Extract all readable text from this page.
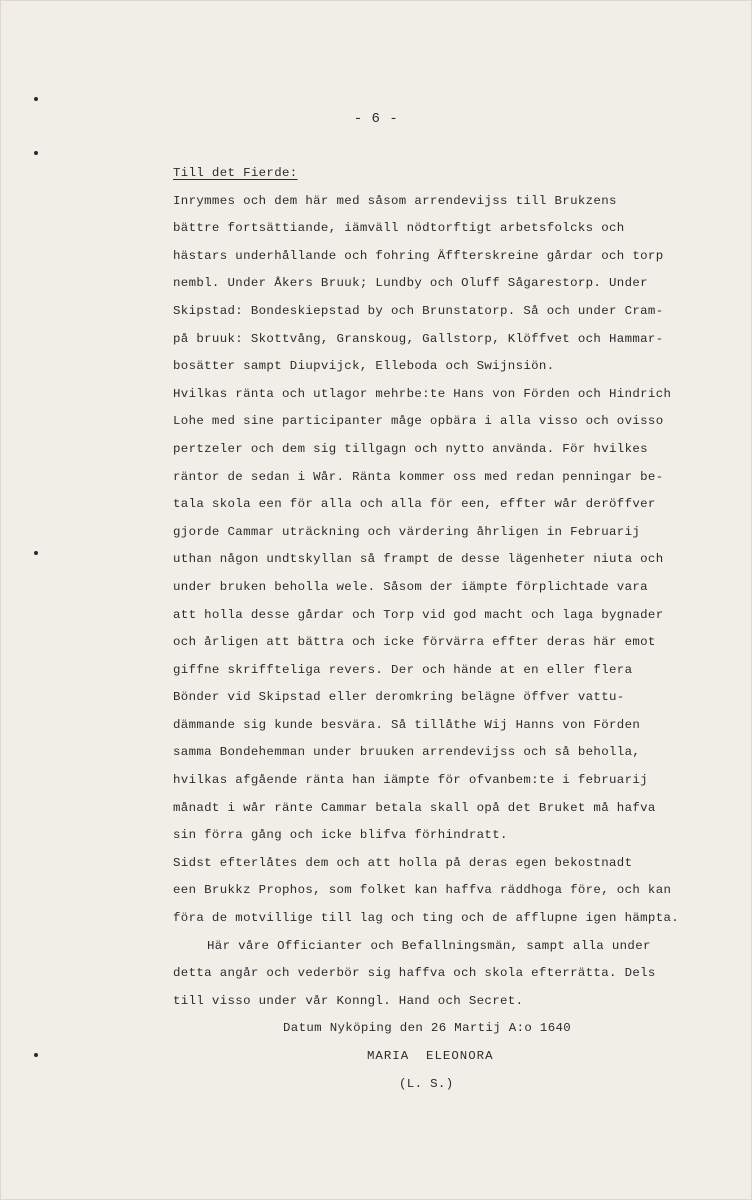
- 6 -
Till det Fierde:
Inrymmes och dem här med såsom arrendevijss till Brukzens
bättre fortsättiande, iämväll nödtorftigt arbetsfolcks och
hästars underhållande och fohring Äffterskreine gårdar och torp
nembl. Under Åkers Bruuk; Lundby och Oluff Sågarestorp. Under
Skipstad: Bondeskiepstad by och Brunstatorp. Så och under Cram-
på bruuk: Skottvång, Granskoug, Gallstorp, Klöffvet och Hammar-
bosätter sampt Diupvijck, Elleboda och Swijnsiön.
Hvilkas ränta och utlagor mehrbe:te Hans von Förden och Hindrich
Lohe med sine participanter måge opbära i alla visso och ovisso
pertzeler och dem sig tillgagn och nytto använda. För hvilkes
räntor de sedan i Wår. Ränta kommer oss med redan penningar be-
tala skola een för alla och alla för een, effter wår deröffver
gjorde Cammar uträckning och värdering åhrligen in Februarij
uthan någon undtskyllan så frampt de desse lägenheter niuta och
under bruken beholla wele. Såsom der iämpte förplichtade vara
att holla desse gårdar och Torp vid god macht och laga bygnader
och årligen att bättra och icke förvärra effter deras här emot
giffne skriffteliga revers. Der och hände at en eller flera
Bönder vid Skipstad eller deromkring belägne öffver vattu-
dämmande sig kunde besvära. Så tillåthe Wij Hanns von Förden
samma Bondehemman under bruuken arrendevijss och så beholla,
hvilkas afgående ränta han iämpte för ofvanbem:te i februarij
månadt i wår ränte Cammar betala skall opå det Bruket må hafva
sin förra gång och icke blifva förhindratt.
Sidst efterlåtes dem och att holla på deras egen bekostnadt
een Brukkz Prophos, som folket kan haffva räddhoga före, och kan
föra de motvillige till lag och ting och de afflupne igen hämpta.
Här våre Officianter och Befallningsmän, sampt alla under
detta angår och vederbör sig haffva och skola efterrätta. Dels
till visso under vår Konngl. Hand och Secret.
Datum Nyköping den 26 Martij A:o 1640
MARIA  ELEONORA
(L. S.)
